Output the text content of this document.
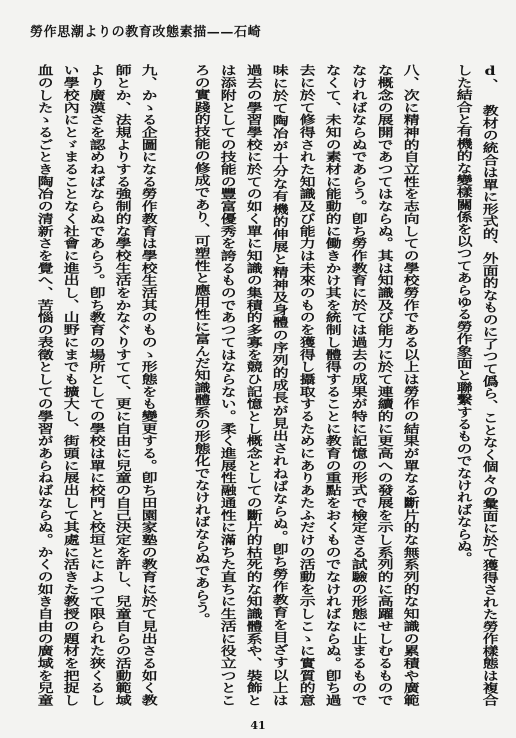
勞作思潮よりの教育改態素描——石崎
d、 教材の統合は單に形式的、外面的なものに了つて僞ら、ことなく個々の彙面に於て獲得された勞作樣態は複合
した結合と有機的な變樣關係を以つてあらゆる勞作象面と聯繫するものでなければならぬ。
八、次に精神的自立性を志向しての學校勞作である以上は勞作の結果が單なる斷片的な無系列的な知識の累積や廣範
な概念の展開であつてはならぬ。其は知識及び能力に於て連續的に更高への發展を示し系列的に高躍せしむるもので
なければならぬであらう。卽ち勞作教育に於ては過去の成果が特に記憶の形式で檢定さる試驗の形態に止まるもので
なくて、未知の素材に能動的に働きかけ其を統制し體得することに教育の重點をおくものでなければならぬ。卽ち過
去に於て修得された知識及び能力は未來のものを獲得し攝取するためにありあたふだけの活動を示しこゝに實質的意
味に於て陶冶が十分な有機的伸展と精神及身體の序列的成長が見出されねばならぬ。卽ち勞作教育を目ざす以上は
過去の學習學校に於ての如く單に知識の集積的多寡を競ひ記憶とし概念としての斷片的枯死的な知識體系や、裝飾と
は添附としての技能の豐富優秀を誇るものであつてはならない。柔く進展性融通性に滿ちた直ちに生活に役立つとこ
ろの實踐的技能の修成であり、可塑性と應用性に富んだ知識體系の形態化でなければならぬであらう。
九、かゝる企圖になる勞作教育は學校生活其のものゝ形態をも變更する。卽ち田園家塾の教育に於て見出さる如く教
師とか、法規よりする強制的な學校生活をかなぐりすてて、更に自由に兒童の自己決定を許し、兒童自らの活動範域
より廣漠さを認めねばならぬであらう。卽ち教育の場所としての學校は單に校門と校垣とによつて限られた狹くるし
い學校內にとゞまることなく社會に進出し、山野にまでも擴大し、街頭に展出して其處に活きた教授の題材を把捉し
血のしたゝるごとき陶冶の清新さを覺へ、苦惱の表徵としての學習があらねばならぬ。かくの如き自由の廣域を兒童
41
